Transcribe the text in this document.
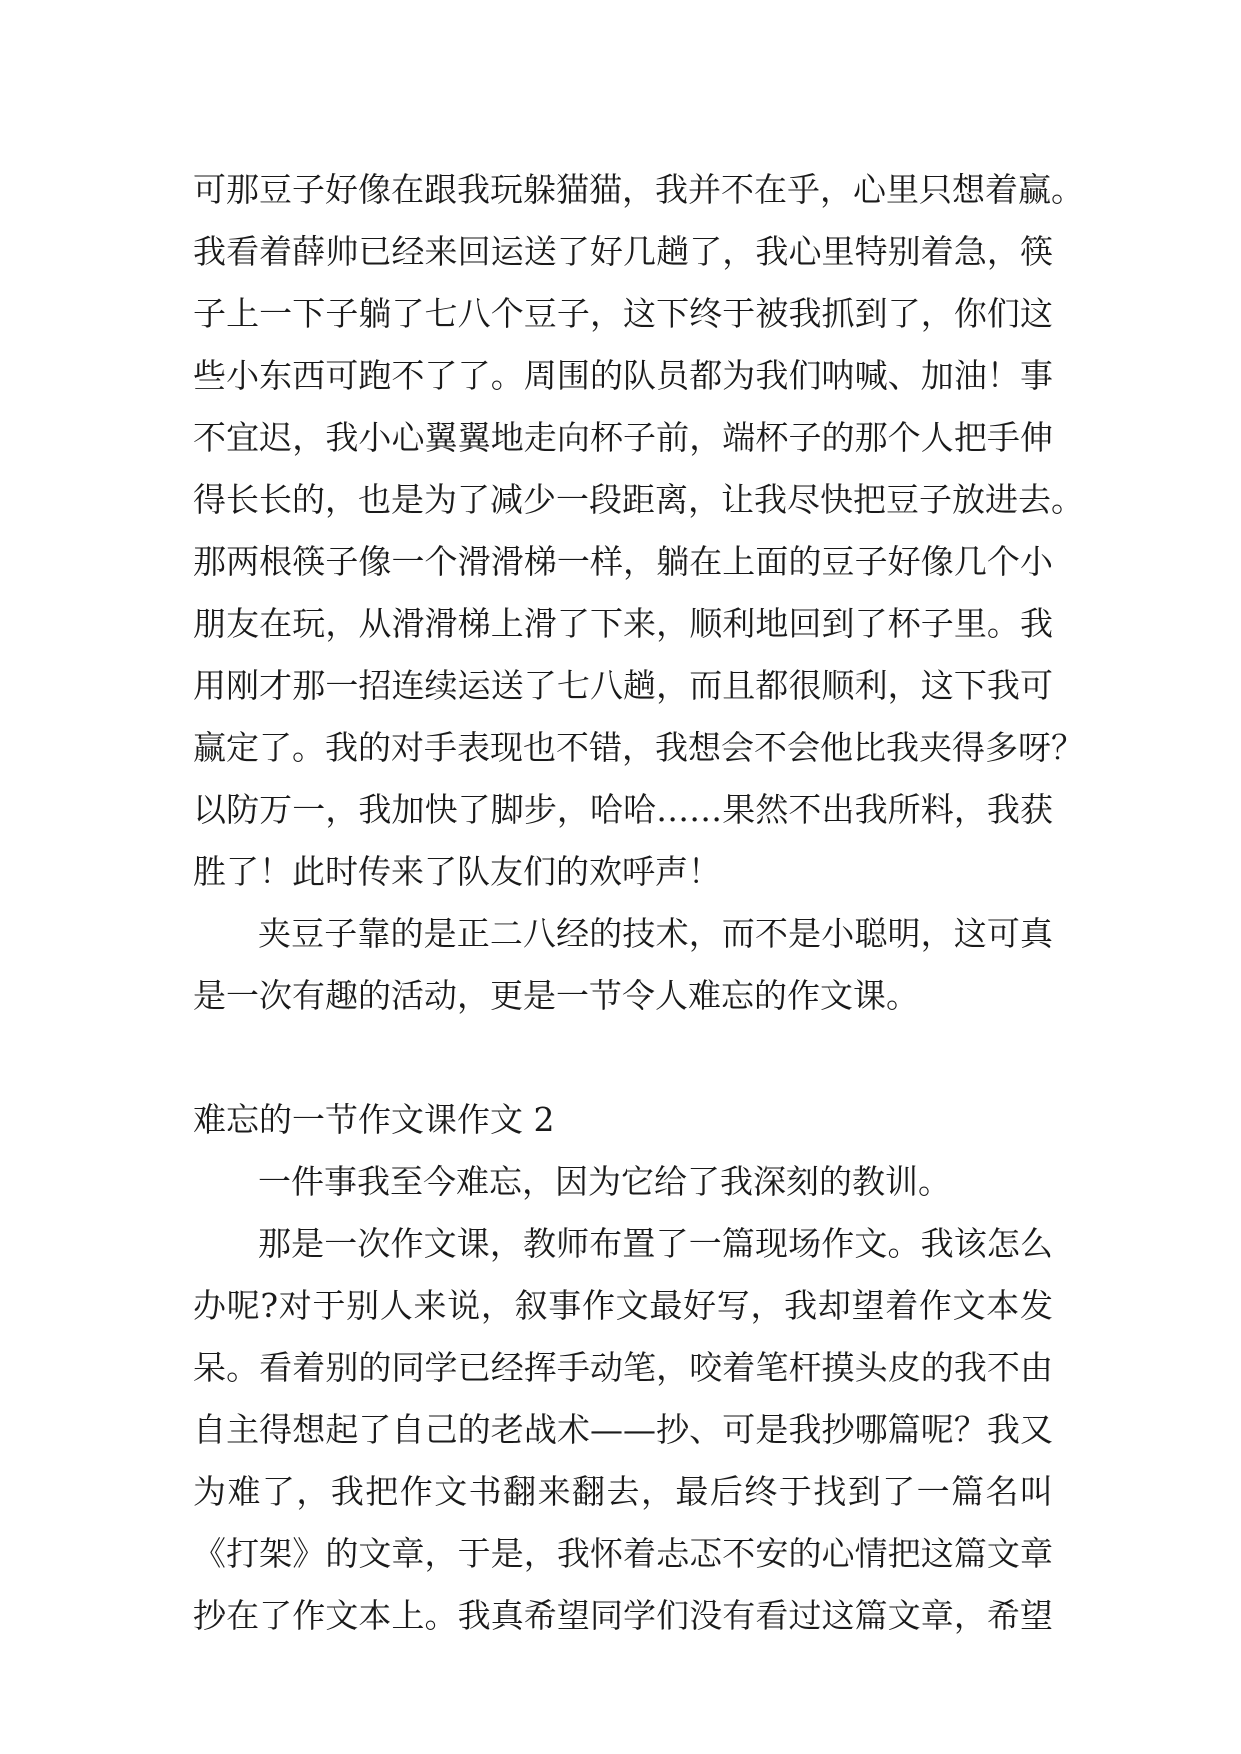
可那豆子好像在跟我玩躲猫猫，我并不在乎，心里只想着赢。
我看着薛帅已经来回运送了好几趟了，我心里特别着急，筷
子上一下子躺了七八个豆子，这下终于被我抓到了，你们这
些小东西可跑不了了。周围的队员都为我们呐喊、加油！事
不宜迟，我小心翼翼地走向杯子前，端杯子的那个人把手伸
得长长的，也是为了减少一段距离，让我尽快把豆子放进去。
那两根筷子像一个滑滑梯一样，躺在上面的豆子好像几个小
朋友在玩，从滑滑梯上滑了下来，顺利地回到了杯子里。我
用刚才那一招连续运送了七八趟，而且都很顺利，这下我可
赢定了。我的对手表现也不错，我想会不会他比我夹得多呀？
以防万一，我加快了脚步，哈哈……果然不出我所料，我获
胜了！此时传来了队友们的欢呼声！
夹豆子靠的是正二八经的技术，而不是小聪明，这可真
是一次有趣的活动，更是一节令人难忘的作文课。
难忘的一节作文课作文 2
一件事我至今难忘，因为它给了我深刻的教训。
那是一次作文课，教师布置了一篇现场作文。我该怎么
办呢?对于别人来说，叙事作文最好写，我却望着作文本发
呆。看着别的同学已经挥手动笔，咬着笔杆摸头皮的我不由
自主得想起了自己的老战术——抄、可是我抄哪篇呢？我又
为难了，我把作文书翻来翻去，最后终于找到了一篇名叫
《打架》的文章，于是，我怀着忐忑不安的心情把这篇文章
抄在了作文本上。我真希望同学们没有看过这篇文章，希望
